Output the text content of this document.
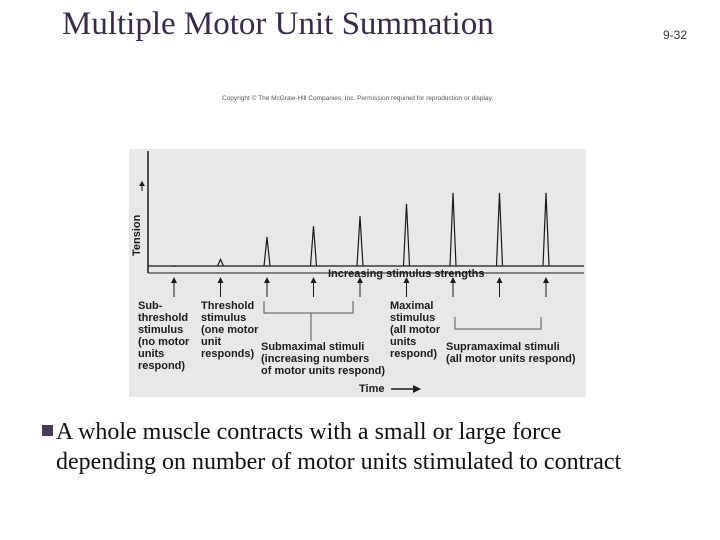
Multiple Motor Unit Summation	9-32
Copyright © The McGraw-Hill Companies, Inc. Permission required for reproduction or display.
Tension
Increasing stimulus strengths
Sub-
threshold
stimulus
(no motor
units
respond)
Threshold
stimulus
(one motor
unit
responds)
Submaximal stimuli
(increasing numbers
of motor units respond)
Maximal
stimulus
(all motor
units
respond)
Supramaximal stimuli
(all motor units respond)
Time
A whole muscle contracts with a small or large force depending on number of motor units stimulated to contract
